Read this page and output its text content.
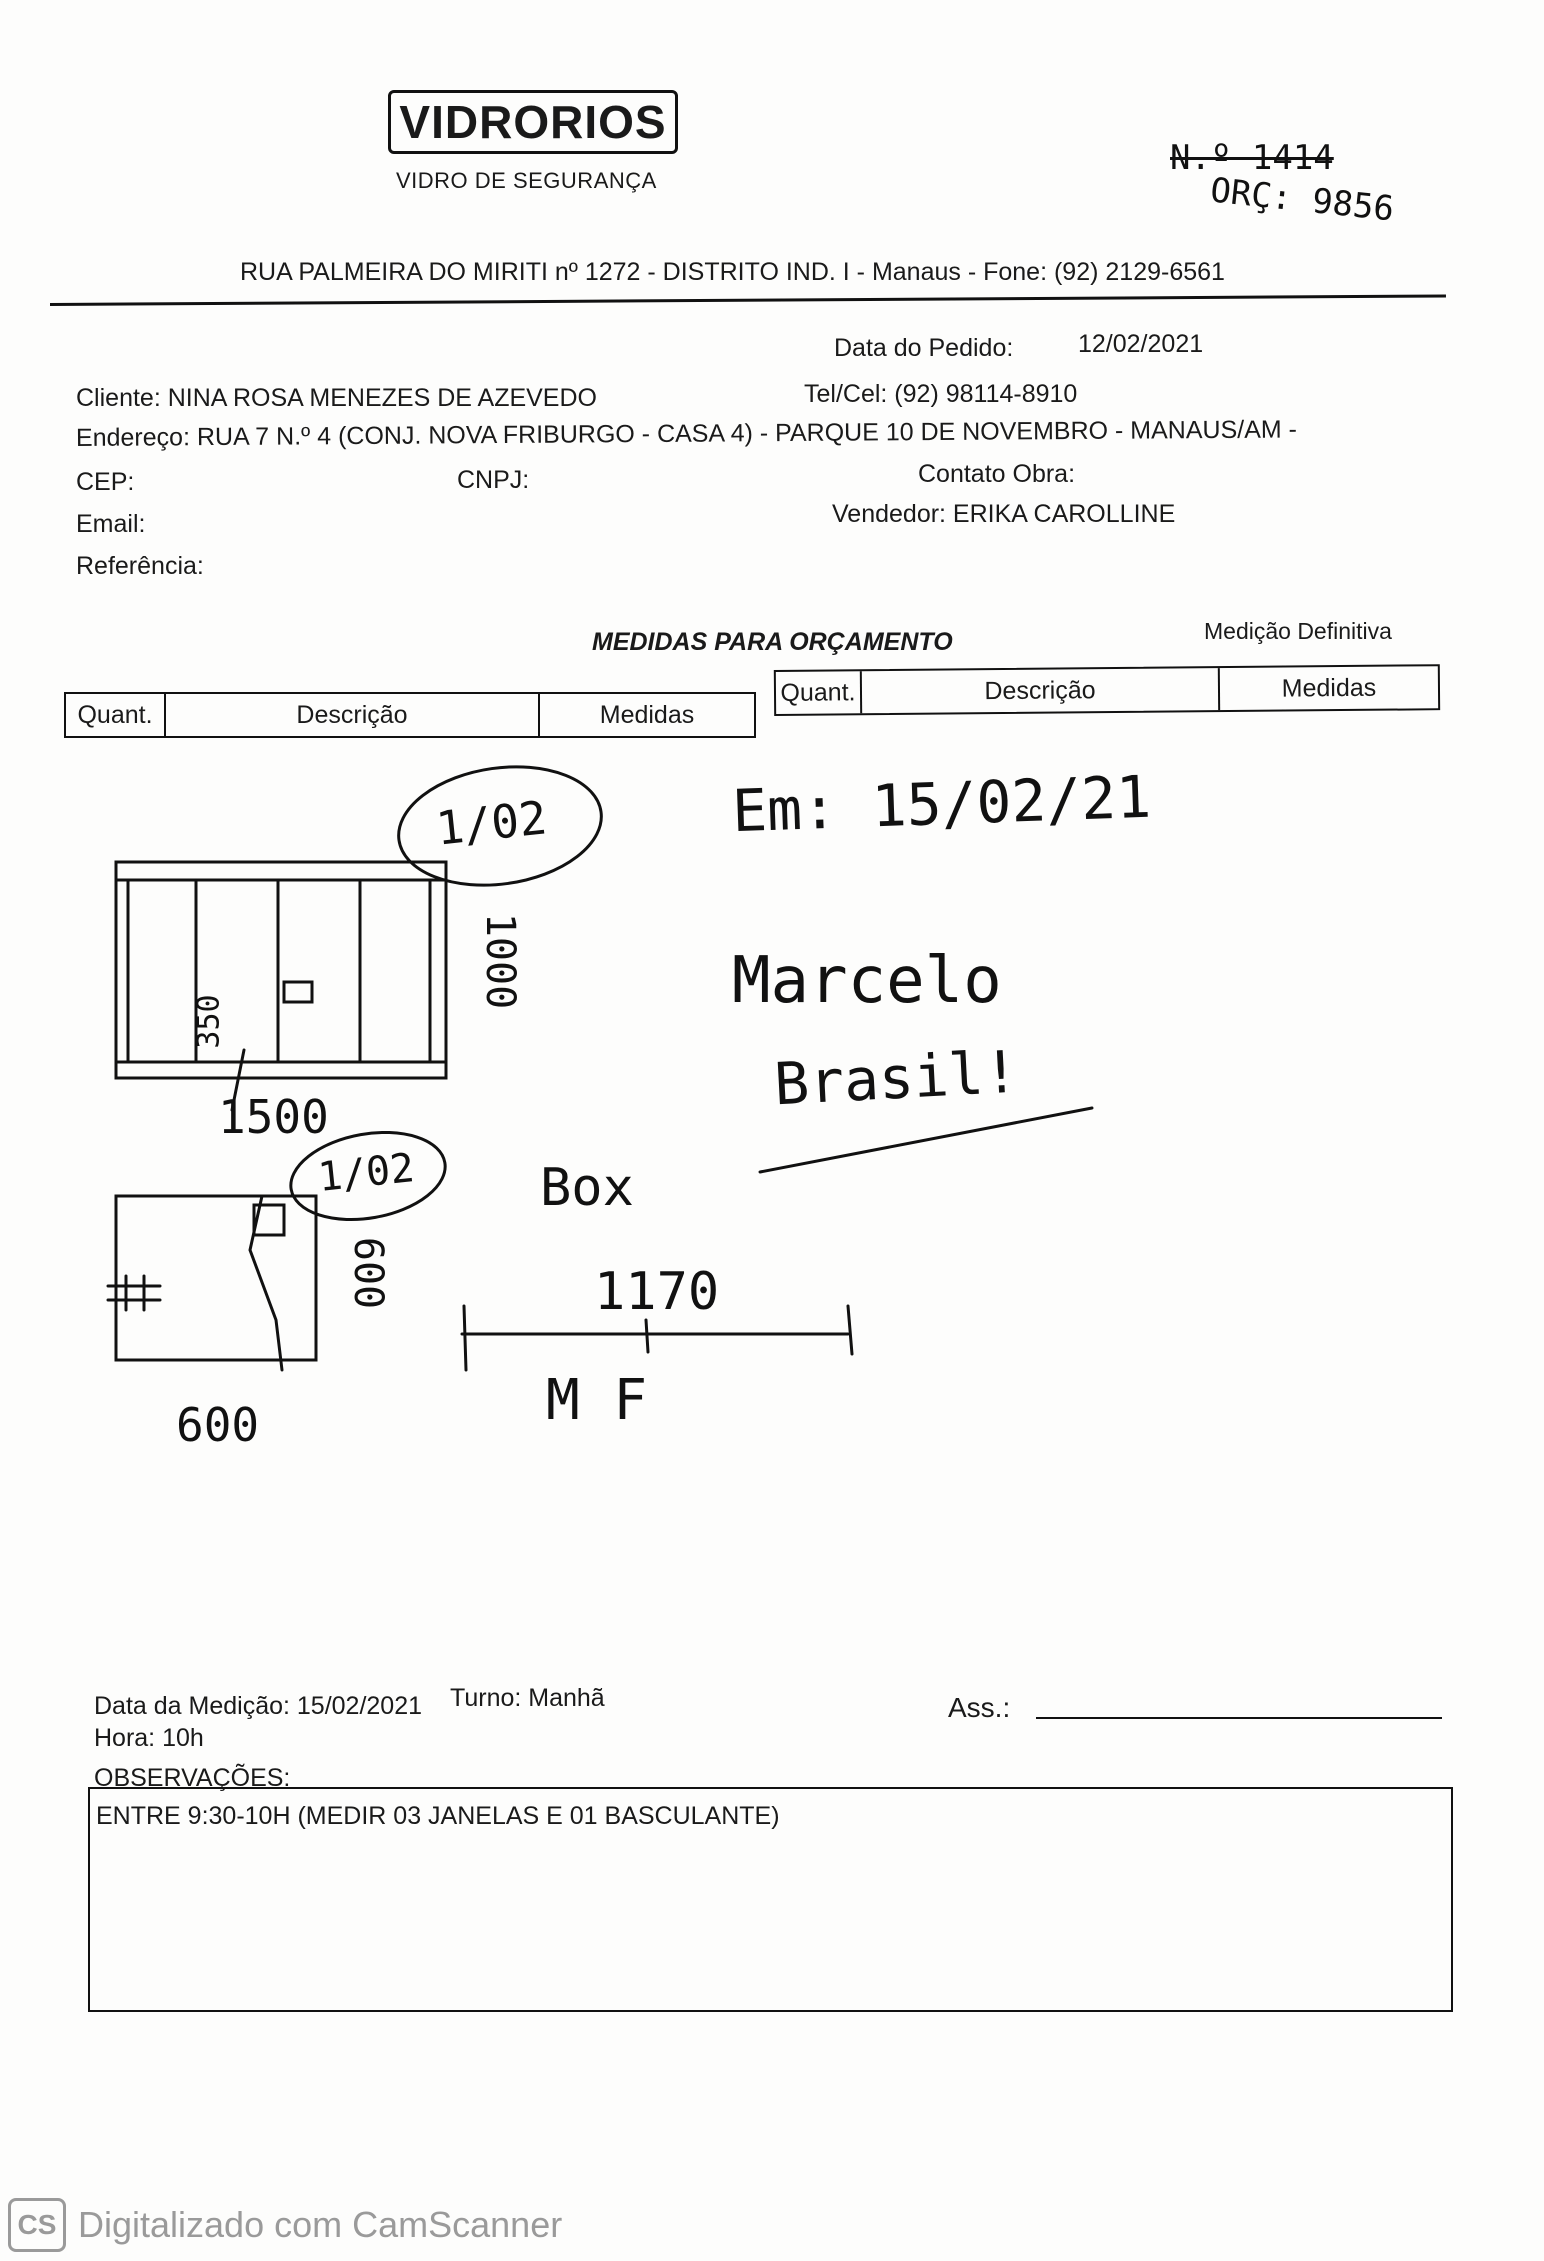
VIDRORIOS
VIDRO DE SEGURANÇA
N.º 1414
ORÇ: 9856
RUA PALMEIRA DO MIRITI nº 1272 - DISTRITO IND. I - Manaus - Fone: (92) 2129-6561
Data do Pedido:	12/02/2021
Cliente: NINA ROSA MENEZES DE AZEVEDO	Tel/Cel: (92) 98114-8910
Endereço: RUA 7 N.º 4 (CONJ. NOVA FRIBURGO - CASA 4) - PARQUE 10 DE NOVEMBRO - MANAUS/AM -
CEP:	CNPJ:	Contato Obra:
Email:	Vendedor: ERIKA CAROLLINE
Referência:
MEDIDAS PARA ORÇAMENTO	Medição Definitiva
Quant.	Descrição	Medidas
Quant.	Descrição	Medidas
1/02
1000
1500
350
1/02
600
600
Em: 15/02/21
Marcelo
Brasil!
Box
1170
M F
Data da Medição: 15/02/2021 Turno: Manhã
Hora: 10h
Ass.:
OBSERVAÇÕES:
ENTRE 9:30-10H (MEDIR 03 JANELAS E 01 BASCULANTE)
CS Digitalizado com CamScanner
